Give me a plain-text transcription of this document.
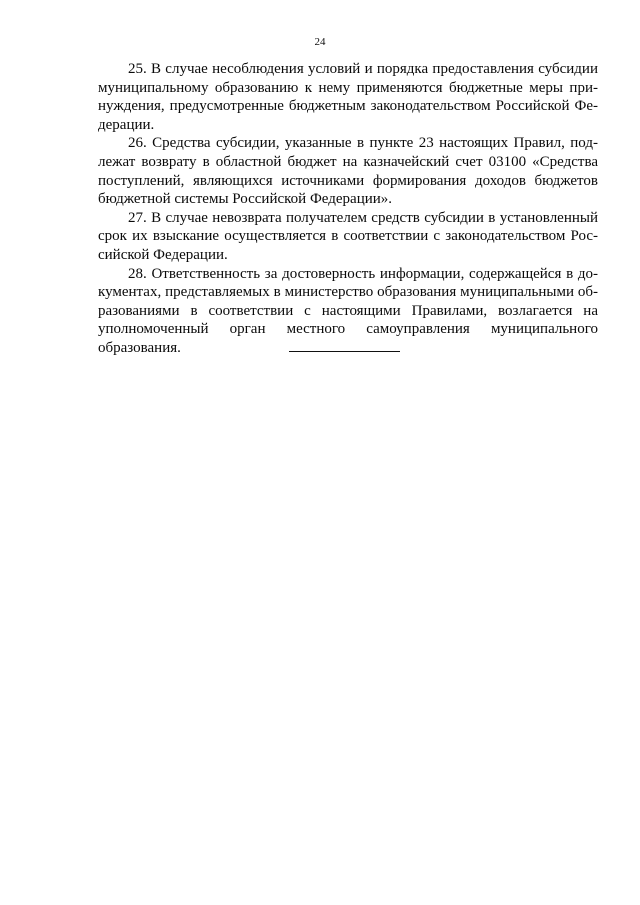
24

25. В случае несоблюдения условий и порядка предоставления субсидии муниципальному образованию к нему применяются бюджетные меры принуждения, предусмотренные бюджетным законодательством Российской Федерации.

26. Средства субсидии, указанные в пункте 23 настоящих Правил, подлежат возврату в областной бюджет на казначейский счет 03100 «Средства поступлений, являющихся источниками формирования доходов бюджетов бюджетной системы Российской Федерации».

27. В случае невозврата получателем средств субсидии в установленный срок их взыскание осуществляется в соответствии с законодательством Российской Федерации.

28. Ответственность за достоверность информации, содержащейся в документах, представляемых в министерство образования муниципальными образованиями в соответствии с настоящими Правилами, возлагается на уполномоченный орган местного самоуправления муниципального образования.
